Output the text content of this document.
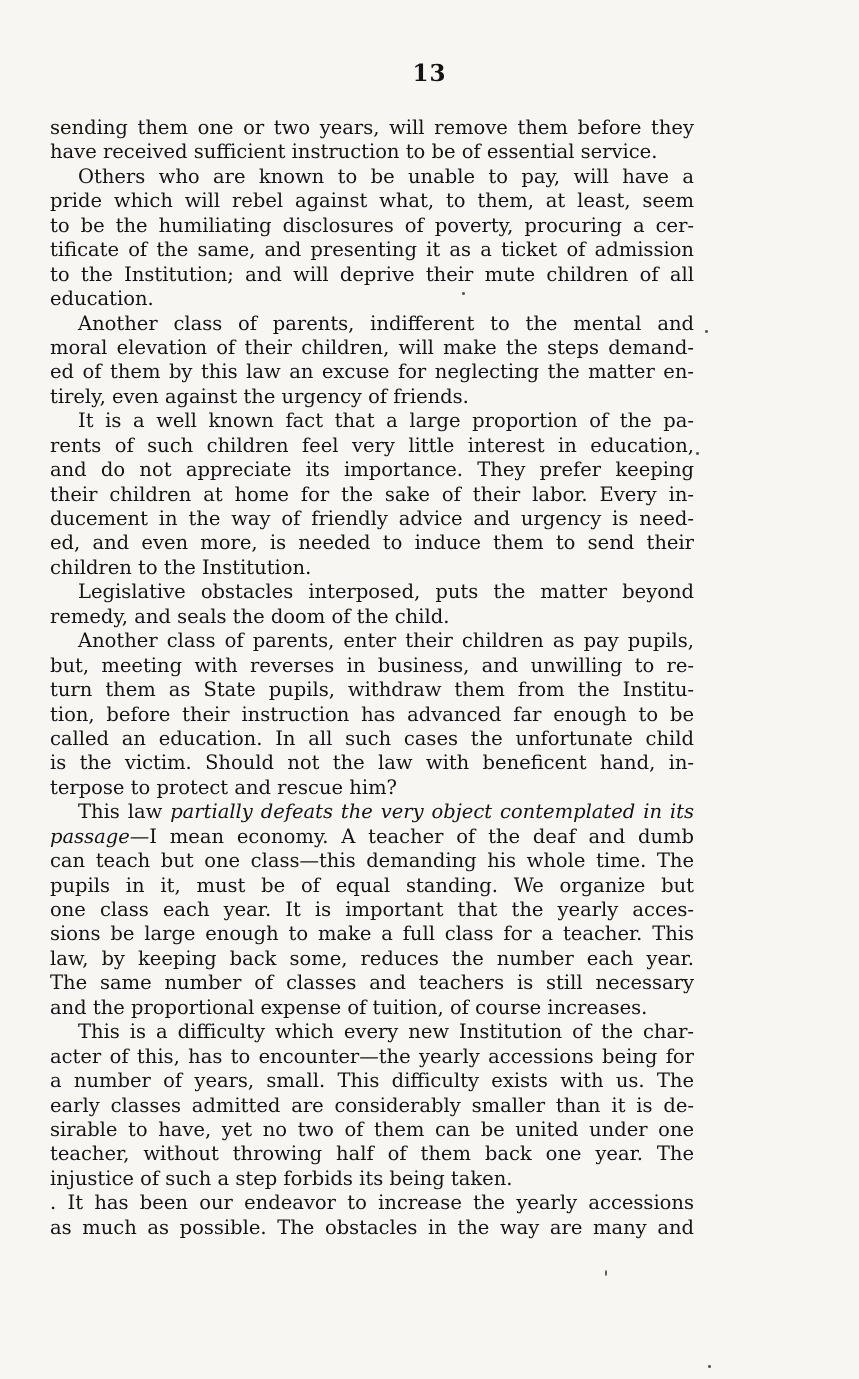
13
sending them one or two years, will remove them before they
have received sufficient instruction to be of essential service.
Others who are known to be unable to pay, will have a
pride which will rebel against what, to them, at least, seem
to be the humiliating disclosures of poverty, procuring a cer-
tificate of the same, and presenting it as a ticket of admission
to the Institution; and will deprive their mute children of all
education.
Another class of parents, indifferent to the mental and
moral elevation of their children, will make the steps demand-
ed of them by this law an excuse for neglecting the matter en-
tirely, even against the urgency of friends.
It is a well known fact that a large proportion of the pa-
rents of such children feel very little interest in education,
and do not appreciate its importance. They prefer keeping
their children at home for the sake of their labor. Every in-
ducement in the way of friendly advice and urgency is need-
ed, and even more, is needed to induce them to send their
children to the Institution.
Legislative obstacles interposed, puts the matter beyond
remedy, and seals the doom of the child.
Another class of parents, enter their children as pay pupils,
but, meeting with reverses in business, and unwilling to re-
turn them as State pupils, withdraw them from the Institu-
tion, before their instruction has advanced far enough to be
called an education. In all such cases the unfortunate child
is the victim. Should not the law with beneficent hand, in-
terpose to protect and rescue him?
This law partially defeats the very object contemplated in its
passage—I mean economy. A teacher of the deaf and dumb
can teach but one class—this demanding his whole time. The
pupils in it, must be of equal standing. We organize but
one class each year. It is important that the yearly acces-
sions be large enough to make a full class for a teacher. This
law, by keeping back some, reduces the number each year.
The same number of classes and teachers is still necessary
and the proportional expense of tuition, of course increases.
This is a difficulty which every new Institution of the char-
acter of this, has to encounter—the yearly accessions being for
a number of years, small. This difficulty exists with us. The
early classes admitted are considerably smaller than it is de-
sirable to have, yet no two of them can be united under one
teacher, without throwing half of them back one year. The
injustice of such a step forbids its being taken.
. It has been our endeavor to increase the yearly accessions
as much as possible. The obstacles in the way are many and
